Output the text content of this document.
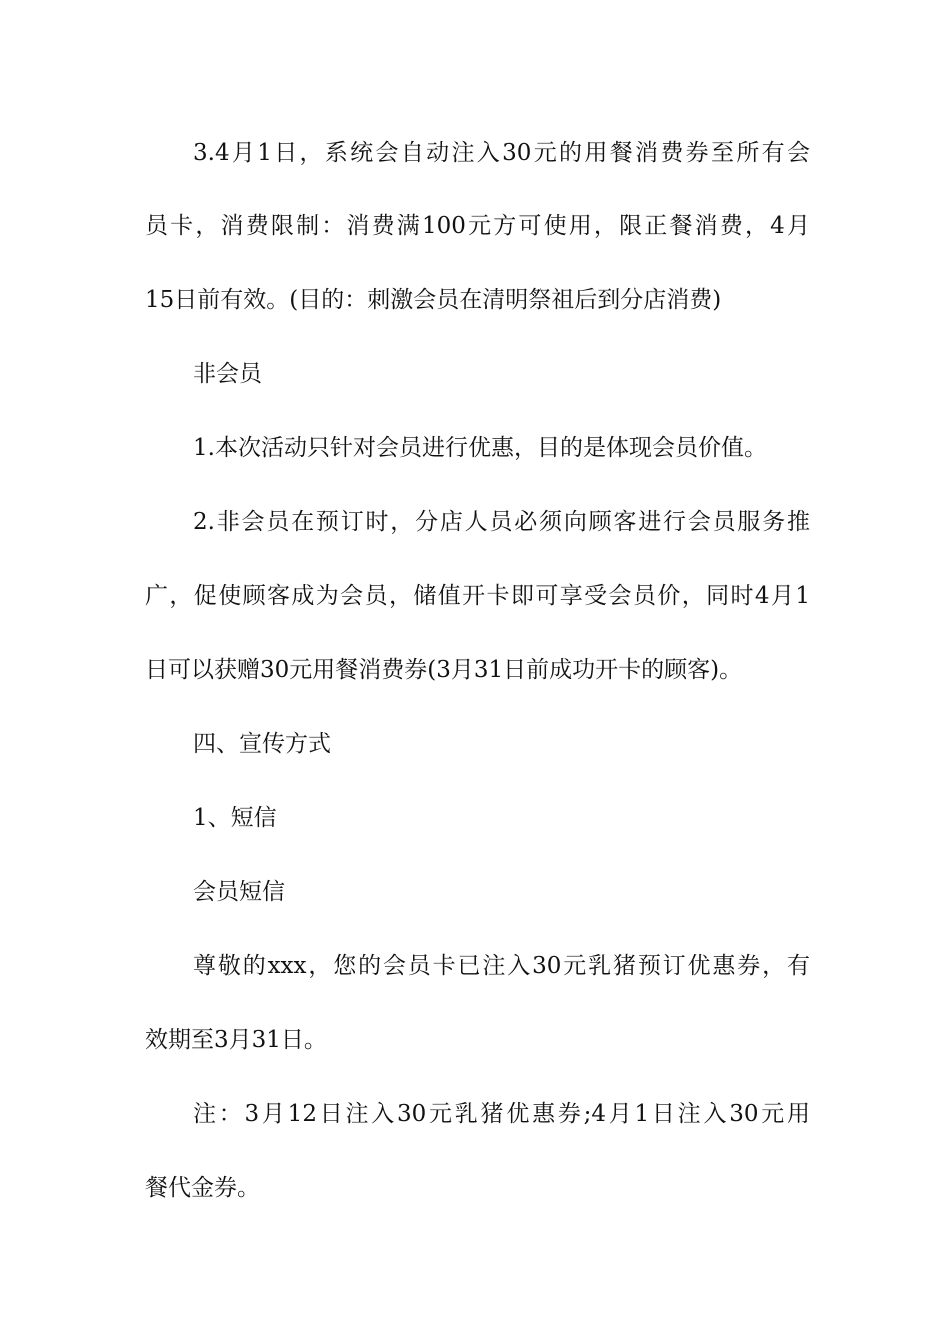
3.4月1日，系统会自动注入30元的用餐消费券至所有会
员卡，消费限制：消费满100元方可使用，限正餐消费，4月
15日前有效。(目的：刺激会员在清明祭祖后到分店消费)
非会员
1.本次活动只针对会员进行优惠，目的是体现会员价值。
2.非会员在预订时，分店人员必须向顾客进行会员服务推
广，促使顾客成为会员，储值开卡即可享受会员价，同时4月1
日可以获赠30元用餐消费券(3月31日前成功开卡的顾客)。
四、宣传方式
1、短信
会员短信
尊敬的xxx，您的会员卡已注入30元乳猪预订优惠券，有
效期至3月31日。
注：3月12日注入30元乳猪优惠券;4月1日注入30元用
餐代金券。
